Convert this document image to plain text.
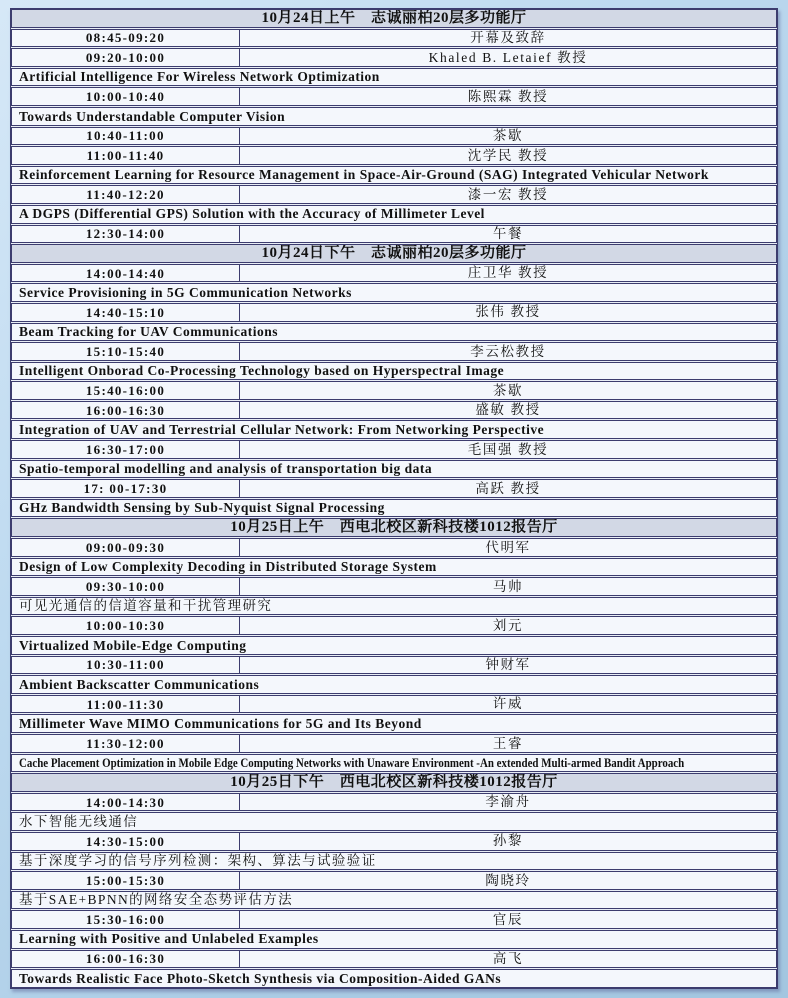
10月24日上午　志诚丽柏20层多功能厅
08:45-09:20	开幕及致辞
09:20-10:00	Khaled B. Letaief 教授
Artificial Intelligence For Wireless Network Optimization
10:00-10:40	陈熙霖 教授
Towards Understandable Computer Vision
10:40-11:00	茶歇
11:00-11:40	沈学民 教授
Reinforcement Learning for Resource Management in Space-Air-Ground (SAG) Integrated Vehicular Network
11:40-12:20	漆一宏 教授
A DGPS (Differential GPS) Solution with the Accuracy of Millimeter Level
12:30-14:00	午餐
10月24日下午　志诚丽柏20层多功能厅
14:00-14:40	庄卫华 教授
Service Provisioning in 5G Communication Networks
14:40-15:10	张伟 教授
Beam Tracking for UAV Communications
15:10-15:40	李云松教授
Intelligent Onborad Co-Processing Technology based on Hyperspectral Image
15:40-16:00	茶歇
16:00-16:30	盛敏 教授
Integration of UAV and Terrestrial Cellular Network: From Networking Perspective
16:30-17:00	毛国强 教授
Spatio-temporal modelling and analysis of transportation big data
17: 00-17:30	高跃 教授
GHz Bandwidth Sensing by Sub-Nyquist Signal Processing
10月25日上午　西电北校区新科技楼1012报告厅
09:00-09:30	代明军
Design of Low Complexity Decoding in Distributed Storage System
09:30-10:00	马帅
可见光通信的信道容量和干扰管理研究
10:00-10:30	刘元
Virtualized Mobile-Edge Computing
10:30-11:00	钟财军
Ambient Backscatter Communications
11:00-11:30	许威
Millimeter Wave MIMO Communications for 5G and Its Beyond
11:30-12:00	王睿
Cache Placement Optimization in Mobile Edge Computing Networks with Unaware Environment -An extended Multi-armed Bandit Approach
10月25日下午　西电北校区新科技楼1012报告厅
14:00-14:30	李渝舟
水下智能无线通信
14:30-15:00	孙黎
基于深度学习的信号序列检测：架构、算法与试验验证
15:00-15:30	陶晓玲
基于SAE+BPNN的网络安全态势评估方法
15:30-16:00	官辰
Learning with Positive and Unlabeled Examples
16:00-16:30	高飞
Towards Realistic Face Photo-Sketch Synthesis via Composition-Aided GANs
